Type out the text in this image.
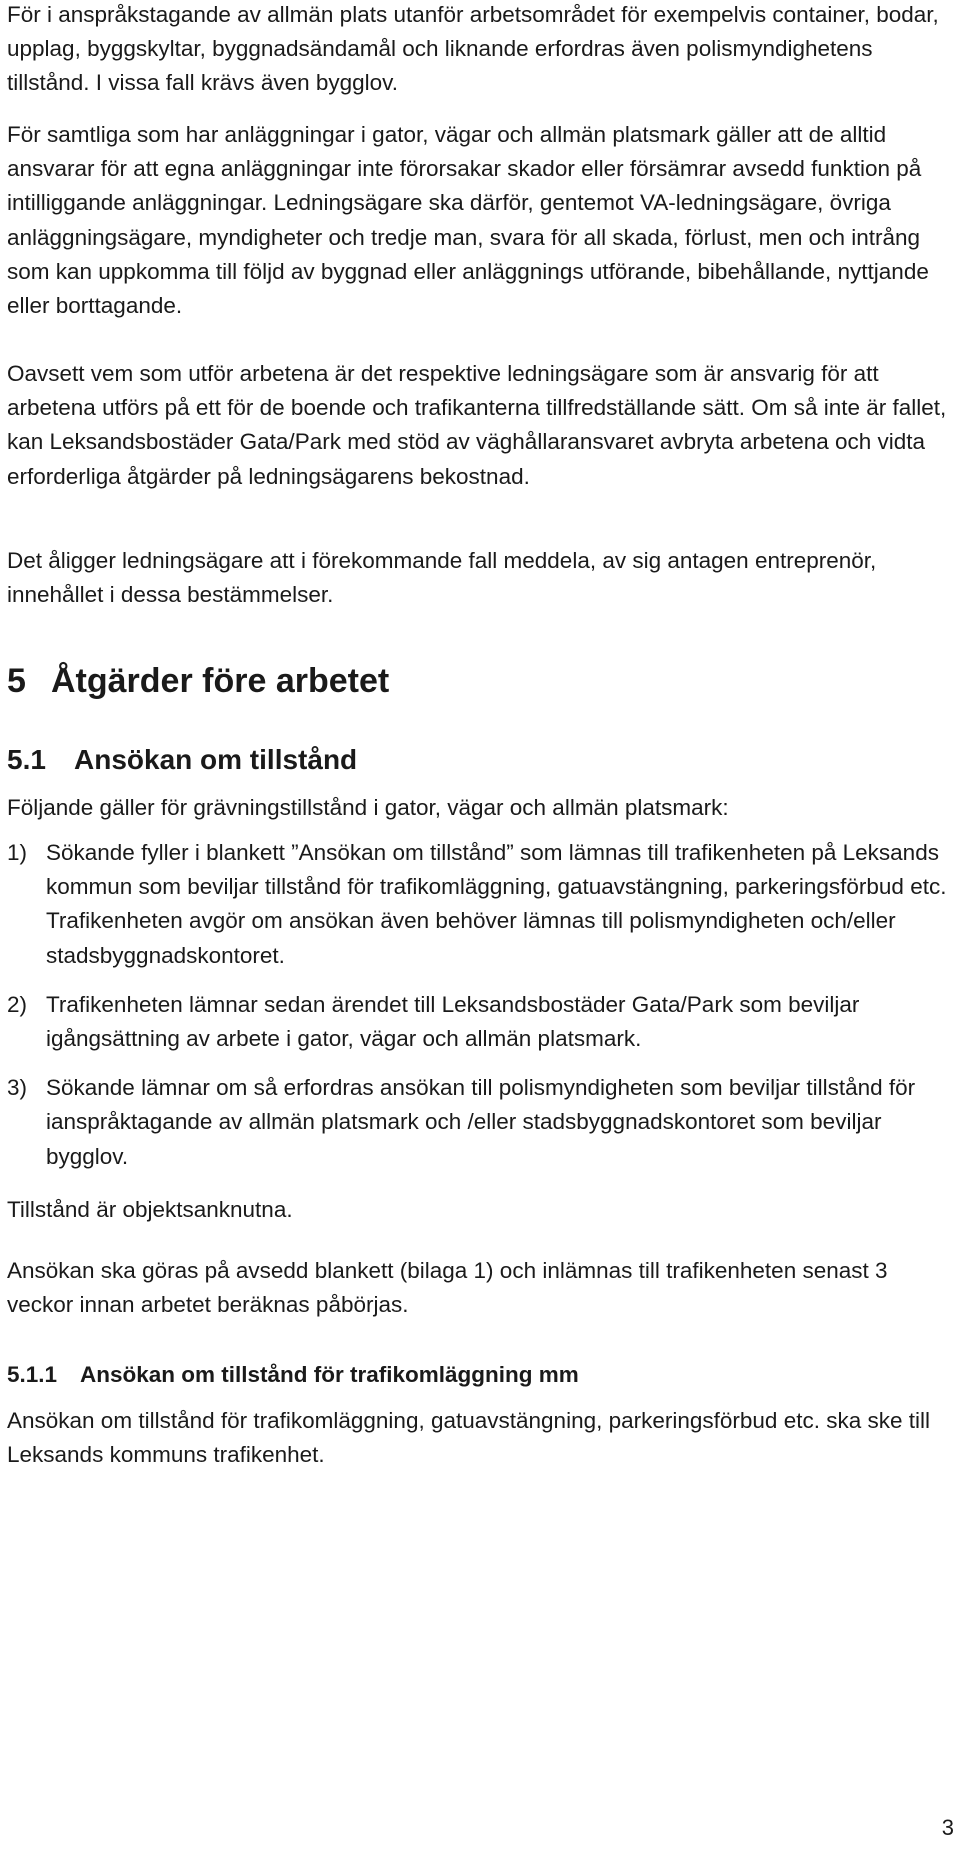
För i anspråkstagande av allmän plats utanför arbetsområdet för exempelvis container, bodar, upplag, byggskyltar, byggnadsändamål och liknande erfordras även polismyndighetens tillstånd. I vissa fall krävs även bygglov.

För samtliga som har anläggningar i gator, vägar och allmän platsmark gäller att de alltid ansvarar för att egna anläggningar inte förorsakar skador eller försämrar avsedd funktion på intilliggande anläggningar. Ledningsägare ska därför, gentemot VA-ledningsägare, övriga anläggningsägare, myndigheter och tredje man, svara för all skada, förlust, men och intrång som kan uppkomma till följd av byggnad eller anläggnings utförande, bibehållande, nyttjande eller borttagande.

Oavsett vem som utför arbetena är det respektive ledningsägare som är ansvarig för att arbetena utförs på ett för de boende och trafikanterna tillfredställande sätt. Om så inte är fallet, kan Leksandsbostäder Gata/Park med stöd av väghållaransvaret avbryta arbetena och vidta erforderliga åtgärder på ledningsägarens bekostnad.

Det åligger ledningsägare att i förekommande fall meddela, av sig antagen entreprenör, innehållet i dessa bestämmelser.

5 Åtgärder före arbetet
5.1 Ansökan om tillstånd

Följande gäller för grävningstillstånd i gator, vägar och allmän platsmark:

1) Sökande fyller i blankett ”Ansökan om tillstånd” som lämnas till trafikenheten på Leksands kommun som beviljar tillstånd för trafikomläggning, gatuavstängning, parkeringsförbud etc. Trafikenheten avgör om ansökan även behöver lämnas till polismyndigheten och/eller stadsbyggnadskontoret.
2) Trafikenheten lämnar sedan ärendet till Leksandsbostäder Gata/Park som beviljar igångsättning av arbete i gator, vägar och allmän platsmark.
3) Sökande lämnar om så erfordras ansökan till polismyndigheten som beviljar tillstånd för ianspråktagande av allmän platsmark och /eller stadsbyggnadskontoret som beviljar bygglov.

Tillstånd är objektsanknutna.

Ansökan ska göras på avsedd blankett (bilaga 1) och inlämnas till trafikenheten senast 3 veckor innan arbetet beräknas påbörjas.

5.1.1 Ansökan om tillstånd för trafikomläggning mm

Ansökan om tillstånd för trafikomläggning, gatuavstängning, parkeringsförbud etc. ska ske till Leksands kommuns trafikenhet.

3
